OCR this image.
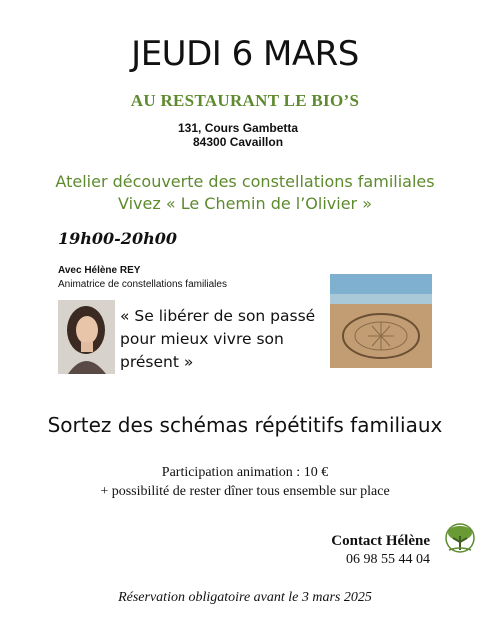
JEUDI 6 MARS
AU RESTAURANT LE BIO’S
131, Cours Gambetta
84300 Cavaillon
Atelier découverte des constellations familiales
Vivez « Le Chemin de l’Olivier »
19h00-20h00
Avec Hélène REY
Animatrice de constellations familiales
« Se libérer de son passé
pour mieux vivre son
présent »
Sortez des schémas répétitifs familiaux
Participation animation : 10 €
+ possibilité de rester dîner tous ensemble sur place
Contact Hélène
06 98 55 44 04
Réservation obligatoire avant le 3 mars 2025
